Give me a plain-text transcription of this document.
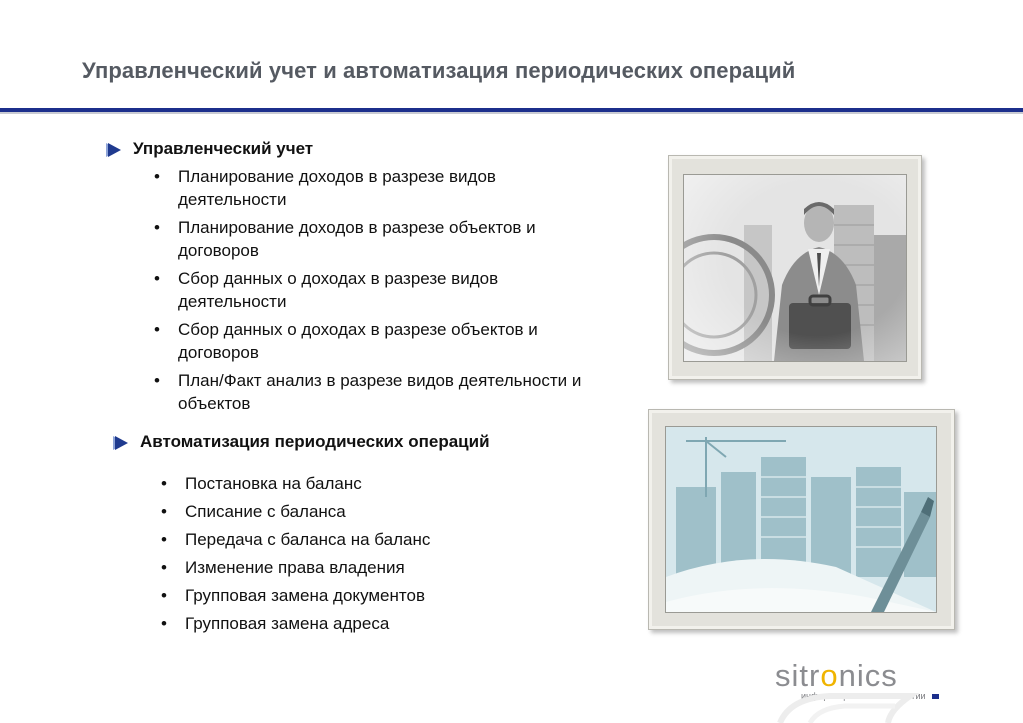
Управленческий учет и автоматизация периодических операций
Управленческий учет
• Планирование доходов в разрезе видов деятельности
• Планирование доходов в разрезе объектов и договоров
• Сбор данных о доходах в разрезе видов деятельности
• Сбор данных о доходах в разрезе объектов и договоров
• План/Факт анализ в разрезе видов деятельности и объектов
Автоматизация периодических операций
• Постановка на баланс
• Списание с баланса
• Передача с баланса на баланс
• Изменение права владения
• Групповая замена документов
• Групповая замена адреса
sitronics
информационные технологии
